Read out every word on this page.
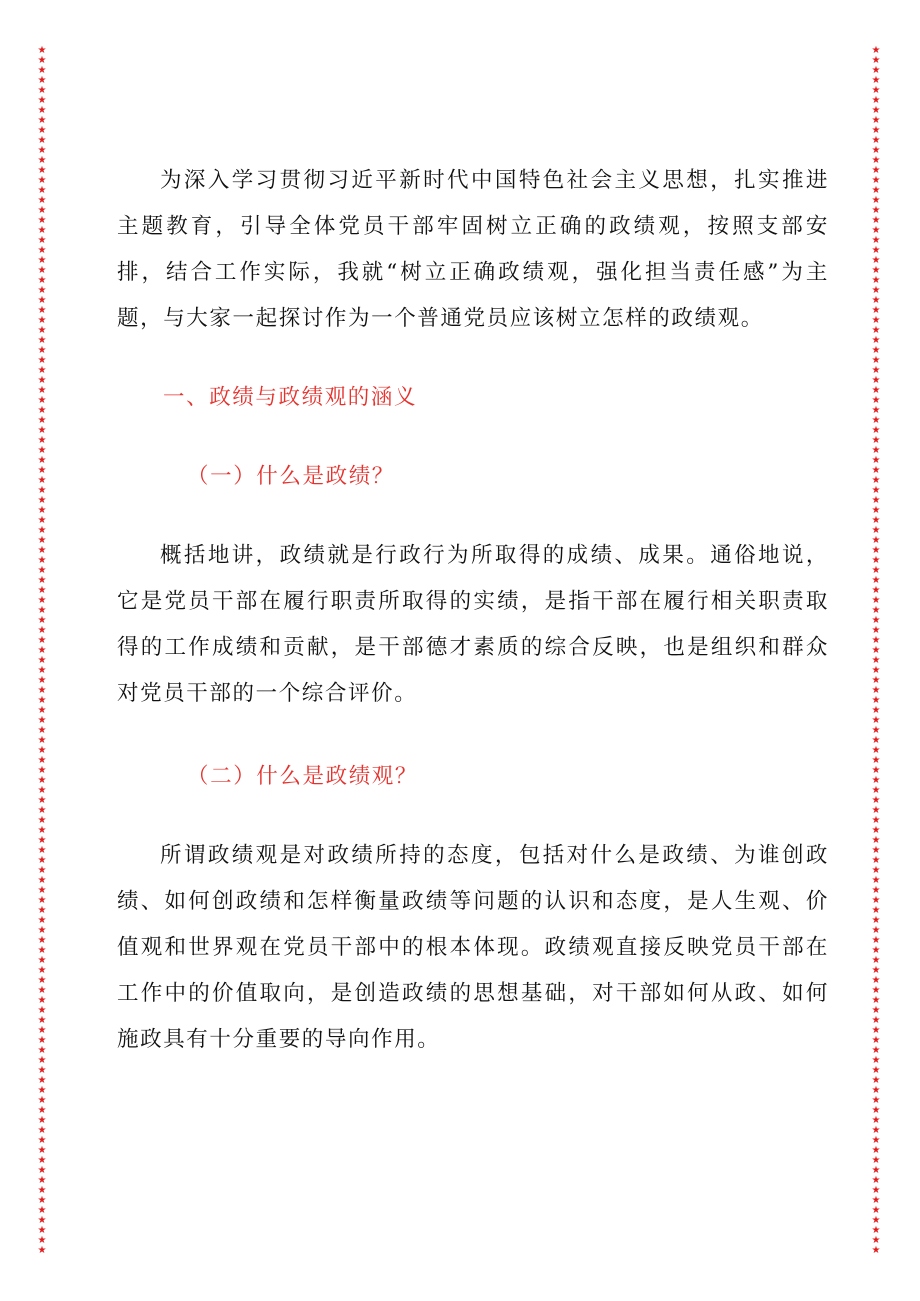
★
★
★
★
★
★
★
★
★
★
★
★
★
★
★
★
★
★
★
★
★
★
★
★
★
★
★
★
★
★
★
★
★
★
★
★
★
★
★
★
★
★
★
★
★
★
★
★
★
★
★
★
★
★
★
★
★
★
★
★
★
★
★
★
★
★
★
★
★
★
★
★
★
★
★
★
★
★
★
★
★
★
★
★
★
★
★
★
★
★
★
★
★
★
★
★
★
★
★
★
★
★
★
★
★
★
★
★
★
★
★
★
★
★
★
★
★
★
★
★
★
★
★
★
★
★
★
★
★
★
★
★
★
★
★
★
★
★
★
★
★
★
★
★
★
★
★
★
★
★
★
★
★
★
★
★
★
★
★
★
★
★
★
★
★
★
★
★
★
★
★
★
★
★
★
★
★
★
★
★
★
★
★
★
★
★
★
★
★
★
★
★
★
★
★
★
★
★
★
★
★
★
★
★
★
★
★
★
★
★
★
★
★
★
★
★
★
★
★
★
★
★
★
★
★
★
★
★
★
★
★
★
★
★
★
★
★
★
★
★
★
★

为深入学习贯彻习近平新时代中国特色社会主义思想，扎实推进主题教育，引导全体党员干部牢固树立正确的政绩观，按照支部安排，结合工作实际，我就“树立正确政绩观，强化担当责任感”为主题，与大家一起探讨作为一个普通党员应该树立怎样的政绩观。

一、政绩与政绩观的涵义

（一）什么是政绩？

概括地讲，政绩就是行政行为所取得的成绩、成果。通俗地说，它是党员干部在履行职责所取得的实绩，是指干部在履行相关职责取得的工作成绩和贡献，是干部德才素质的综合反映，也是组织和群众对党员干部的一个综合评价。

（二）什么是政绩观？

所谓政绩观是对政绩所持的态度，包括对什么是政绩、为谁创政绩、如何创政绩和怎样衡量政绩等问题的认识和态度，是人生观、价值观和世界观在党员干部中的根本体现。政绩观直接反映党员干部在工作中的价值取向，是创造政绩的思想基础，对干部如何从政、如何施政具有十分重要的导向作用。
